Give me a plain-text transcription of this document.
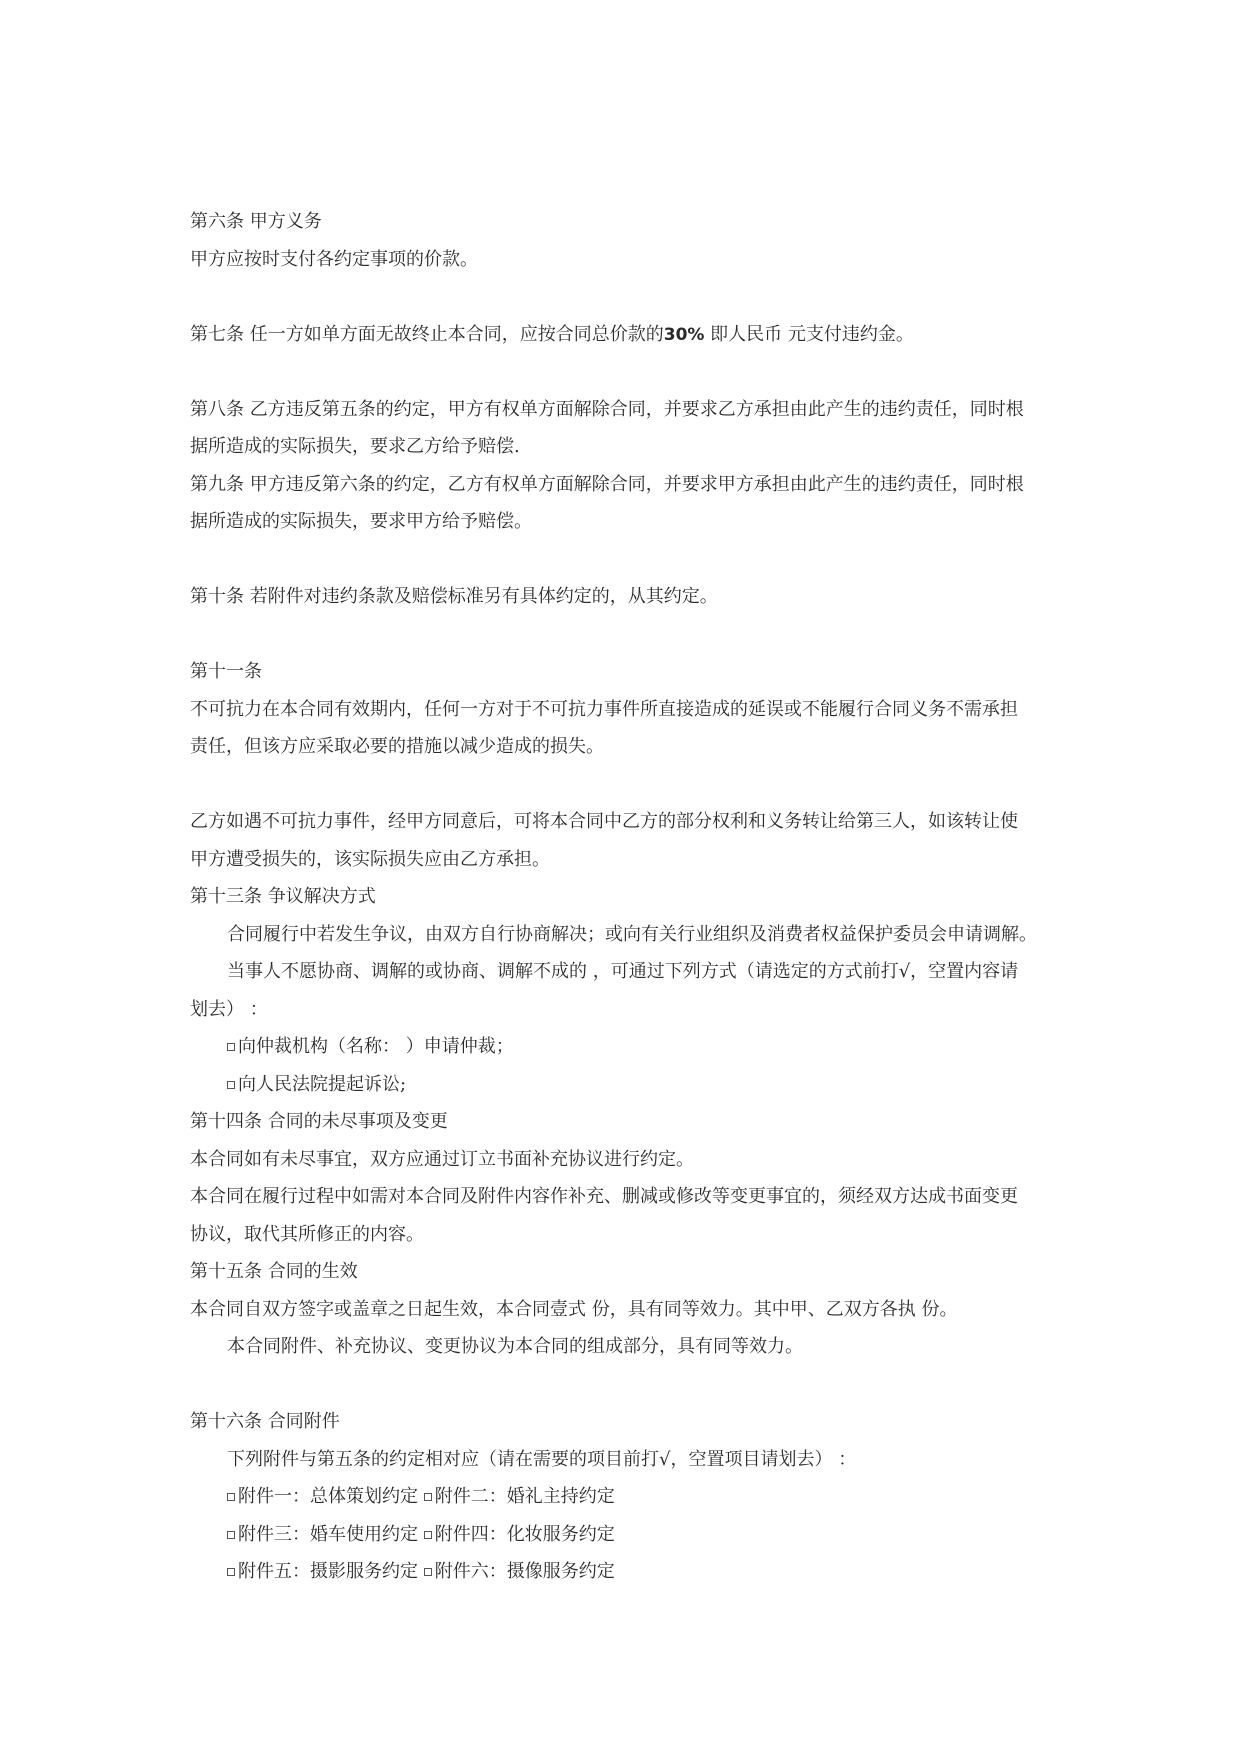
第六条 甲方义务
甲方应按时支付各约定事项的价款。
第七条 任一方如单方面无故终止本合同，应按合同总价款的30% 即人民币 元支付违约金。
第八条 乙方违反第五条的约定，甲方有权单方面解除合同，并要求乙方承担由此产生的违约责任，同时根
据所造成的实际损失，要求乙方给予赔偿.
第九条 甲方违反第六条的约定，乙方有权单方面解除合同，并要求甲方承担由此产生的违约责任，同时根
据所造成的实际损失，要求甲方给予赔偿。
第十条 若附件对违约条款及赔偿标准另有具体约定的，从其约定。
第十一条
不可抗力在本合同有效期内，任何一方对于不可抗力事件所直接造成的延误或不能履行合同义务不需承担
责任，但该方应采取必要的措施以减少造成的损失。
乙方如遇不可抗力事件，经甲方同意后，可将本合同中乙方的部分权利和义务转让给第三人，如该转让使
甲方遭受损失的，该实际损失应由乙方承担。
第十三条 争议解决方式
合同履行中若发生争议，由双方自行协商解决；或向有关行业组织及消费者权益保护委员会申请调解。
当事人不愿协商、调解的或协商、调解不成的 ，可通过下列方式（请选定的方式前打√，空置内容请
划去） ：
向仲裁机构（名称： ）申请仲裁；
向人民法院提起诉讼;
第十四条 合同的未尽事项及变更
本合同如有未尽事宜，双方应通过订立书面补充协议进行约定。
本合同在履行过程中如需对本合同及附件内容作补充、删减或修改等变更事宜的，须经双方达成书面变更
协议，取代其所修正的内容。
第十五条 合同的生效
本合同自双方签字或盖章之日起生效，本合同壹式 份，具有同等效力。其中甲、乙双方各执 份。
本合同附件、补充协议、变更协议为本合同的组成部分，具有同等效力。
第十六条 合同附件
下列附件与第五条的约定相对应（请在需要的项目前打√，空置项目请划去） ：
附件一：总体策划约定 附件二：婚礼主持约定
附件三：婚车使用约定 附件四：化妆服务约定
附件五：摄影服务约定 附件六：摄像服务约定
